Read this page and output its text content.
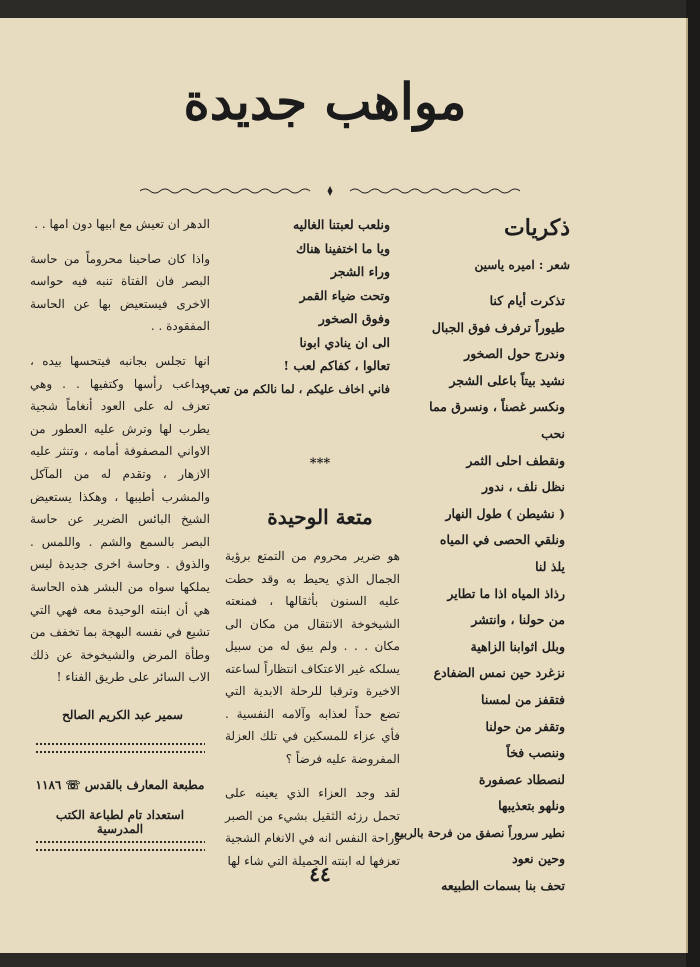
مواهب جديدة
ذكريات
شعر : اميره ياسين

تذكرت أيام كنا

طيوراً ترفرف فوق الجبال

وندرج حول الصخور

نشيد بيتاً باعلى الشجر

ونكسر غصناً ، ونسرق مما نحب

ونقطف احلى الثمر

نظل نلف ، ندور

( نشيطن ) طول النهار

ونلقي الحصى في المياه

يلذ لنا

رذاذ المياه اذا ما تطاير

من حولنا ، وانتشر

وبلل اثوابنا الزاهية

نزغرد حين نمس الضفادع

فتقفز من لمسنا

وتقفر من حولنا

وننصب فخاً

لنصطاد عصفورة

ونلهو بتعذيبها

نطير سروراً نصفق من فرحة بالربيع

وحين نعود

تحف بنا بسمات الطبيعه

ونلعب لعبتنا الغاليه

ويا ما اختفينا هناك

وراء الشجر

وتحت ضياء القمر

وفوق الصخور

الى ان ينادي ابونا

تعالوا ، كفاكم لعب !

فاني اخاف عليكم ، لما نالكم من تعب !

***
متعة الوحيدة

هو ضرير محروم من التمتع برؤية الجمال الذي يحيط به وقد حطت عليه السنون بأثقالها ، فمنعته الشيخوخة الانتقال من مكان الى مكان . . . ولم يبق له من سبيل يسلكه غير الاعتكاف انتظاراً لساعته الاخيرة وترقبا للرحلة الابدية التي تضع حداً لعذابه وآلامه النفسية . فأي عزاء للمسكين في تلك العزلة المفروضة عليه فرضاً ؟

لقد وجد العزاء الذي يعينه على تحمل رزئه الثقيل بشيء من الصبر وراحة النفس انه في الانغام الشجية تعزفها له ابنته الجميلة التي شاء لها

الدهر ان تعيش مع ابيها دون امها . .

واذا كان صاحبنا محروماً من حاسة البصر فان الفتاة تنبه فيه حواسه الاخرى فيستعيض بها عن الحاسة المفقودة . .

انها تجلس بجانبه فيتحسها بيده ، ويداعب رأسها وكتفيها . . وهي تعزف له على العود أنغاماً شجية يطرب لها وترش عليه العطور من الاواني المصفوفة أمامه ، وتنثر عليه الازهار ، وتقدم له من المآكل والمشرب أطيبها ، وهكذا يستعيض الشيخ البائس الضرير عن حاسة البصر بالسمع والشم . واللمس . والذوق . وحاسة اخرى جديدة ليس يملكها سواه من البشر هذه الحاسة هي أن ابنته الوحيدة معه فهي التي تشيع في نفسه البهجة بما تخفف من وطأة المرض والشيخوخة عن ذلك الاب السائر على طريق الفناء !

سمير عبد الكريم الصالح
مطبعة المعارف بالقدس ☏ ١١٨٦
استعداد تام لطباعة الكتب المدرسية
٤٤
